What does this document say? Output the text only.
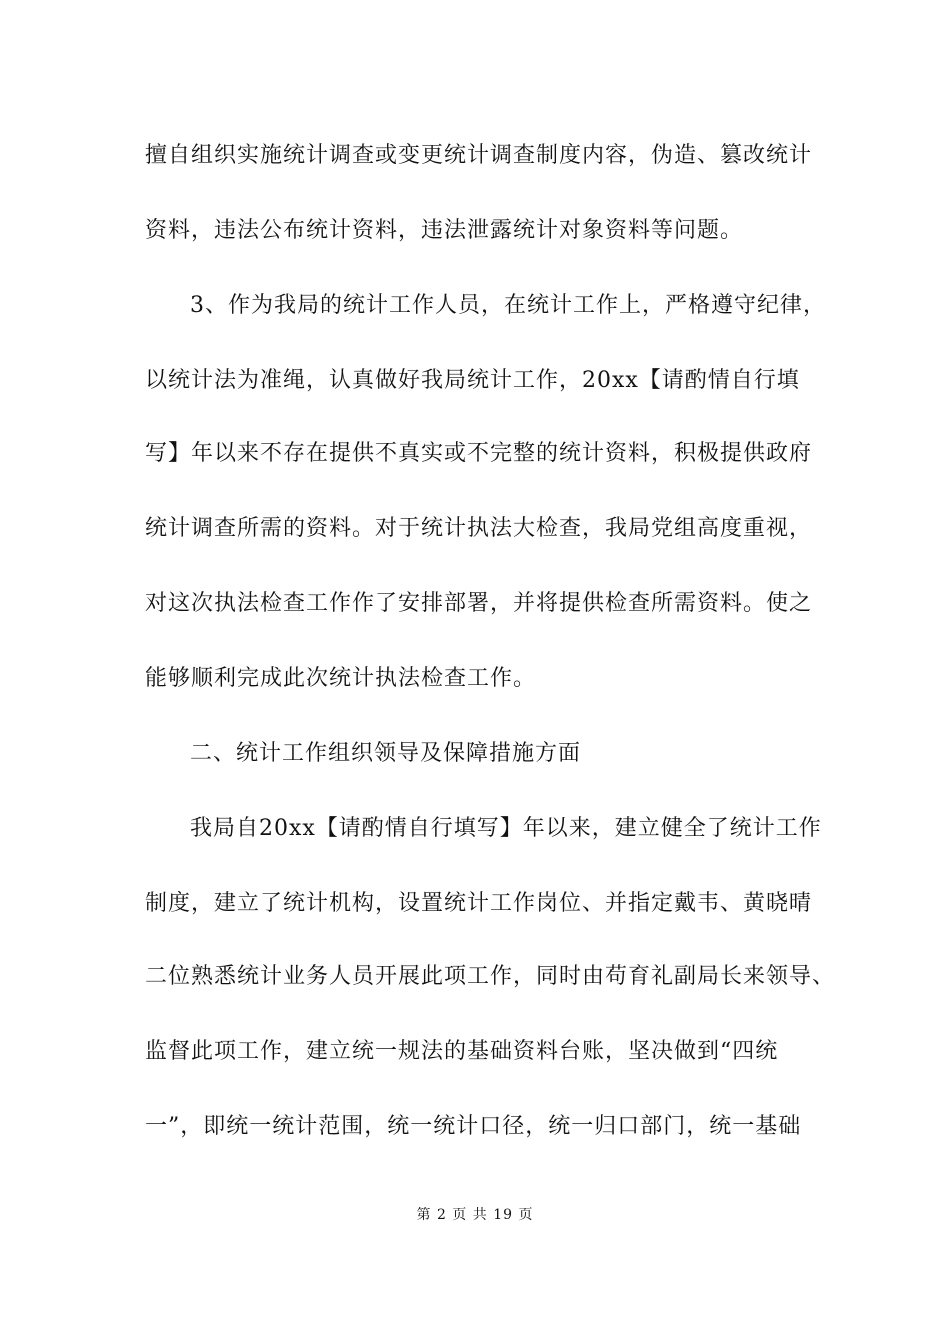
擅自组织实施统计调查或变更统计调查制度内容，伪造、篡改统计

资料，违法公布统计资料，违法泄露统计对象资料等问题。

3、作为我局的统计工作人员，在统计工作上，严格遵守纪律，

以统计法为准绳，认真做好我局统计工作，20xx【请酌情自行填

写】年以来不存在提供不真实或不完整的统计资料，积极提供政府

统计调查所需的资料。对于统计执法大检查，我局党组高度重视，

对这次执法检查工作作了安排部署，并将提供检查所需资料。使之

能够顺利完成此次统计执法检查工作。

二、统计工作组织领导及保障措施方面

我局自20xx【请酌情自行填写】年以来，建立健全了统计工作

制度，建立了统计机构，设置统计工作岗位、并指定戴韦、黄晓晴

二位熟悉统计业务人员开展此项工作，同时由苟育礼副局长来领导、

监督此项工作，建立统一规法的基础资料台账，坚决做到“四统

一”，即统一统计范围，统一统计口径，统一归口部门，统一基础

第 2 页 共 19 页
